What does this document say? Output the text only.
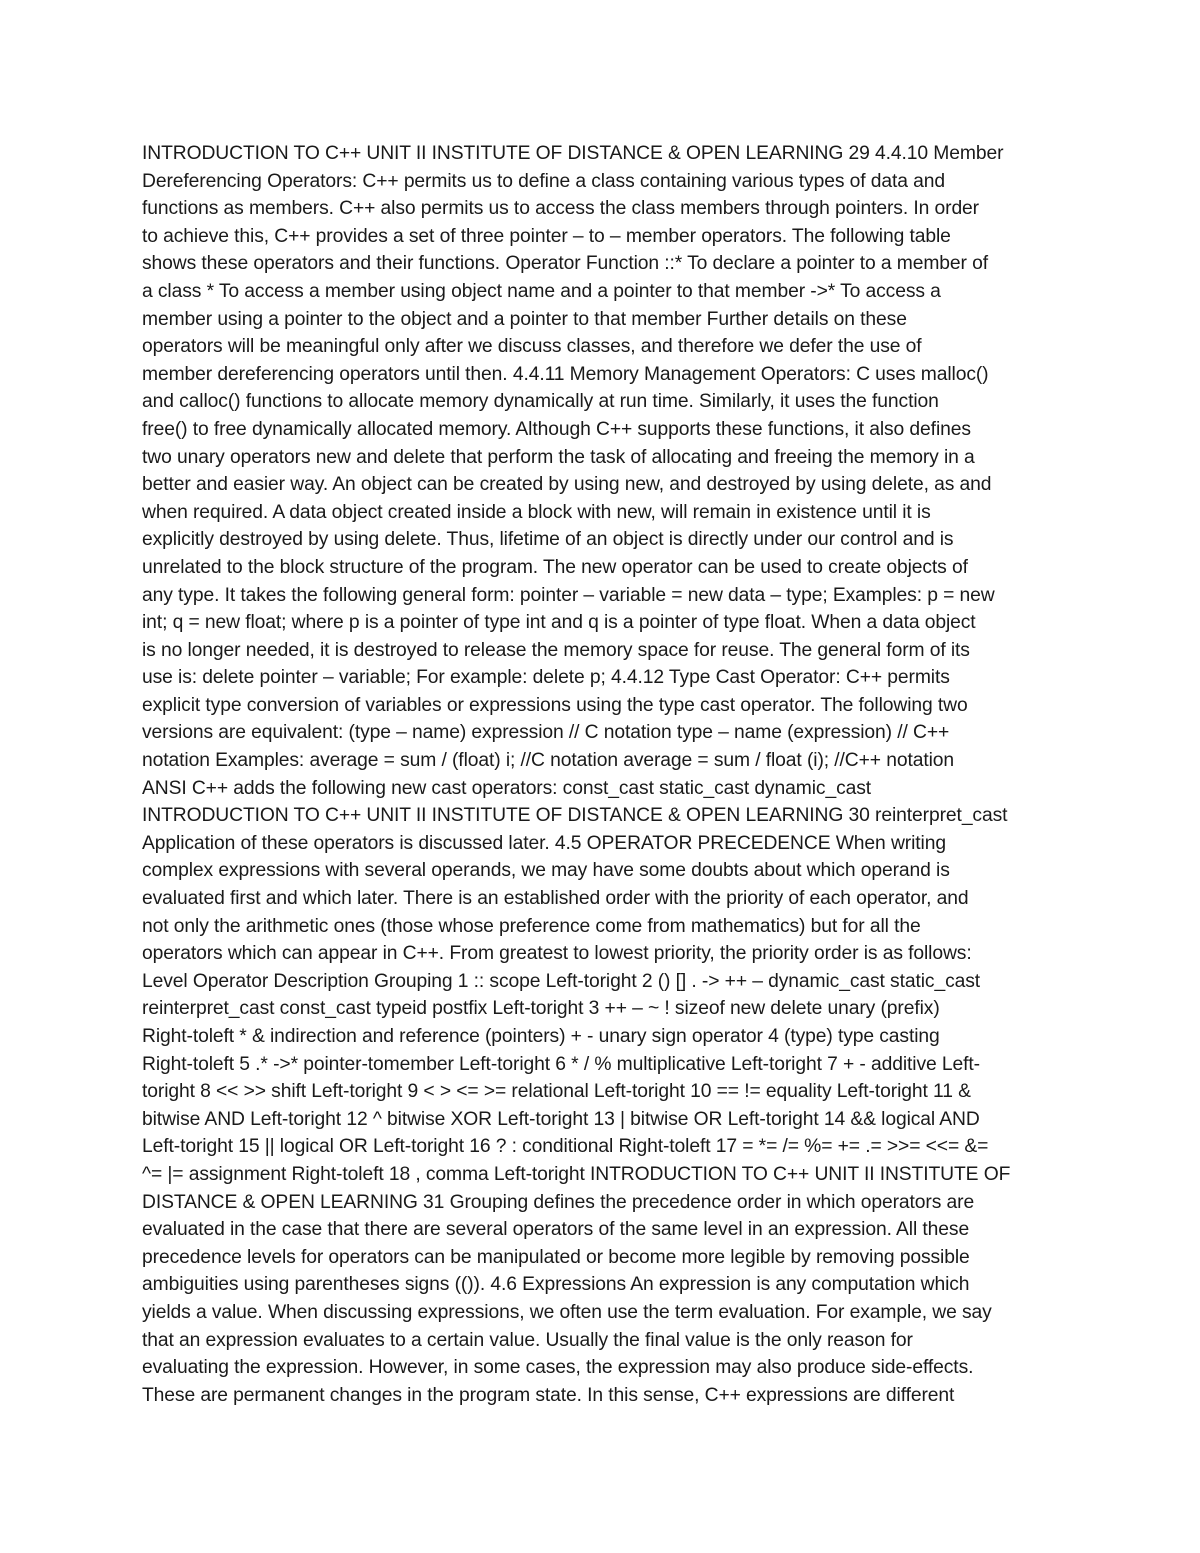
INTRODUCTION TO C++ UNIT II INSTITUTE OF DISTANCE & OPEN LEARNING 29 4.4.10 Member
Dereferencing Operators: C++ permits us to define a class containing various types of data and
functions as members. C++ also permits us to access the class members through pointers. In order
to achieve this, C++ provides a set of three pointer – to – member operators. The following table
shows these operators and their functions. Operator Function ::* To declare a pointer to a member of
a class * To access a member using object name and a pointer to that member ->* To access a
member using a pointer to the object and a pointer to that member Further details on these
operators will be meaningful only after we discuss classes, and therefore we defer the use of
member dereferencing operators until then. 4.4.11 Memory Management Operators: C uses malloc()
and calloc() functions to allocate memory dynamically at run time. Similarly, it uses the function
free() to free dynamically allocated memory. Although C++ supports these functions, it also defines
two unary operators new and delete that perform the task of allocating and freeing the memory in a
better and easier way. An object can be created by using new, and destroyed by using delete, as and
when required. A data object created inside a block with new, will remain in existence until it is
explicitly destroyed by using delete. Thus, lifetime of an object is directly under our control and is
unrelated to the block structure of the program. The new operator can be used to create objects of
any type. It takes the following general form: pointer – variable = new data – type; Examples: p = new
int; q = new float; where p is a pointer of type int and q is a pointer of type float. When a data object
is no longer needed, it is destroyed to release the memory space for reuse. The general form of its
use is: delete pointer – variable; For example: delete p; 4.4.12 Type Cast Operator: C++ permits
explicit type conversion of variables or expressions using the type cast operator. The following two
versions are equivalent: (type – name) expression // C notation type – name (expression) // C++
notation Examples: average = sum / (float) i; //C notation average = sum / float (i); //C++ notation
ANSI C++ adds the following new cast operators: const_cast static_cast dynamic_cast
INTRODUCTION TO C++ UNIT II INSTITUTE OF DISTANCE & OPEN LEARNING 30 reinterpret_cast
Application of these operators is discussed later. 4.5 OPERATOR PRECEDENCE When writing
complex expressions with several operands, we may have some doubts about which operand is
evaluated first and which later. There is an established order with the priority of each operator, and
not only the arithmetic ones (those whose preference come from mathematics) but for all the
operators which can appear in C++. From greatest to lowest priority, the priority order is as follows:
Level Operator Description Grouping 1 :: scope Left-toright 2 () [] . -> ++ – dynamic_cast static_cast
reinterpret_cast const_cast typeid postfix Left-toright 3 ++ – ~ ! sizeof new delete unary (prefix)
Right-toleft * & indirection and reference (pointers) + - unary sign operator 4 (type) type casting
Right-toleft 5 .* ->* pointer-tomember Left-toright 6 * / % multiplicative Left-toright 7 + - additive Left-
toright 8 << >> shift Left-toright 9 < > <= >= relational Left-toright 10 == != equality Left-toright 11 &
bitwise AND Left-toright 12 ^ bitwise XOR Left-toright 13 | bitwise OR Left-toright 14 && logical AND
Left-toright 15 || logical OR Left-toright 16 ? : conditional Right-toleft 17 = *= /= %= += .= >>= <<= &=
^= |= assignment Right-toleft 18 , comma Left-toright INTRODUCTION TO C++ UNIT II INSTITUTE OF
DISTANCE & OPEN LEARNING 31 Grouping defines the precedence order in which operators are
evaluated in the case that there are several operators of the same level in an expression. All these
precedence levels for operators can be manipulated or become more legible by removing possible
ambiguities using parentheses signs (()). 4.6 Expressions An expression is any computation which
yields a value. When discussing expressions, we often use the term evaluation. For example, we say
that an expression evaluates to a certain value. Usually the final value is the only reason for
evaluating the expression. However, in some cases, the expression may also produce side-effects.
These are permanent changes in the program state. In this sense, C++ expressions are different
